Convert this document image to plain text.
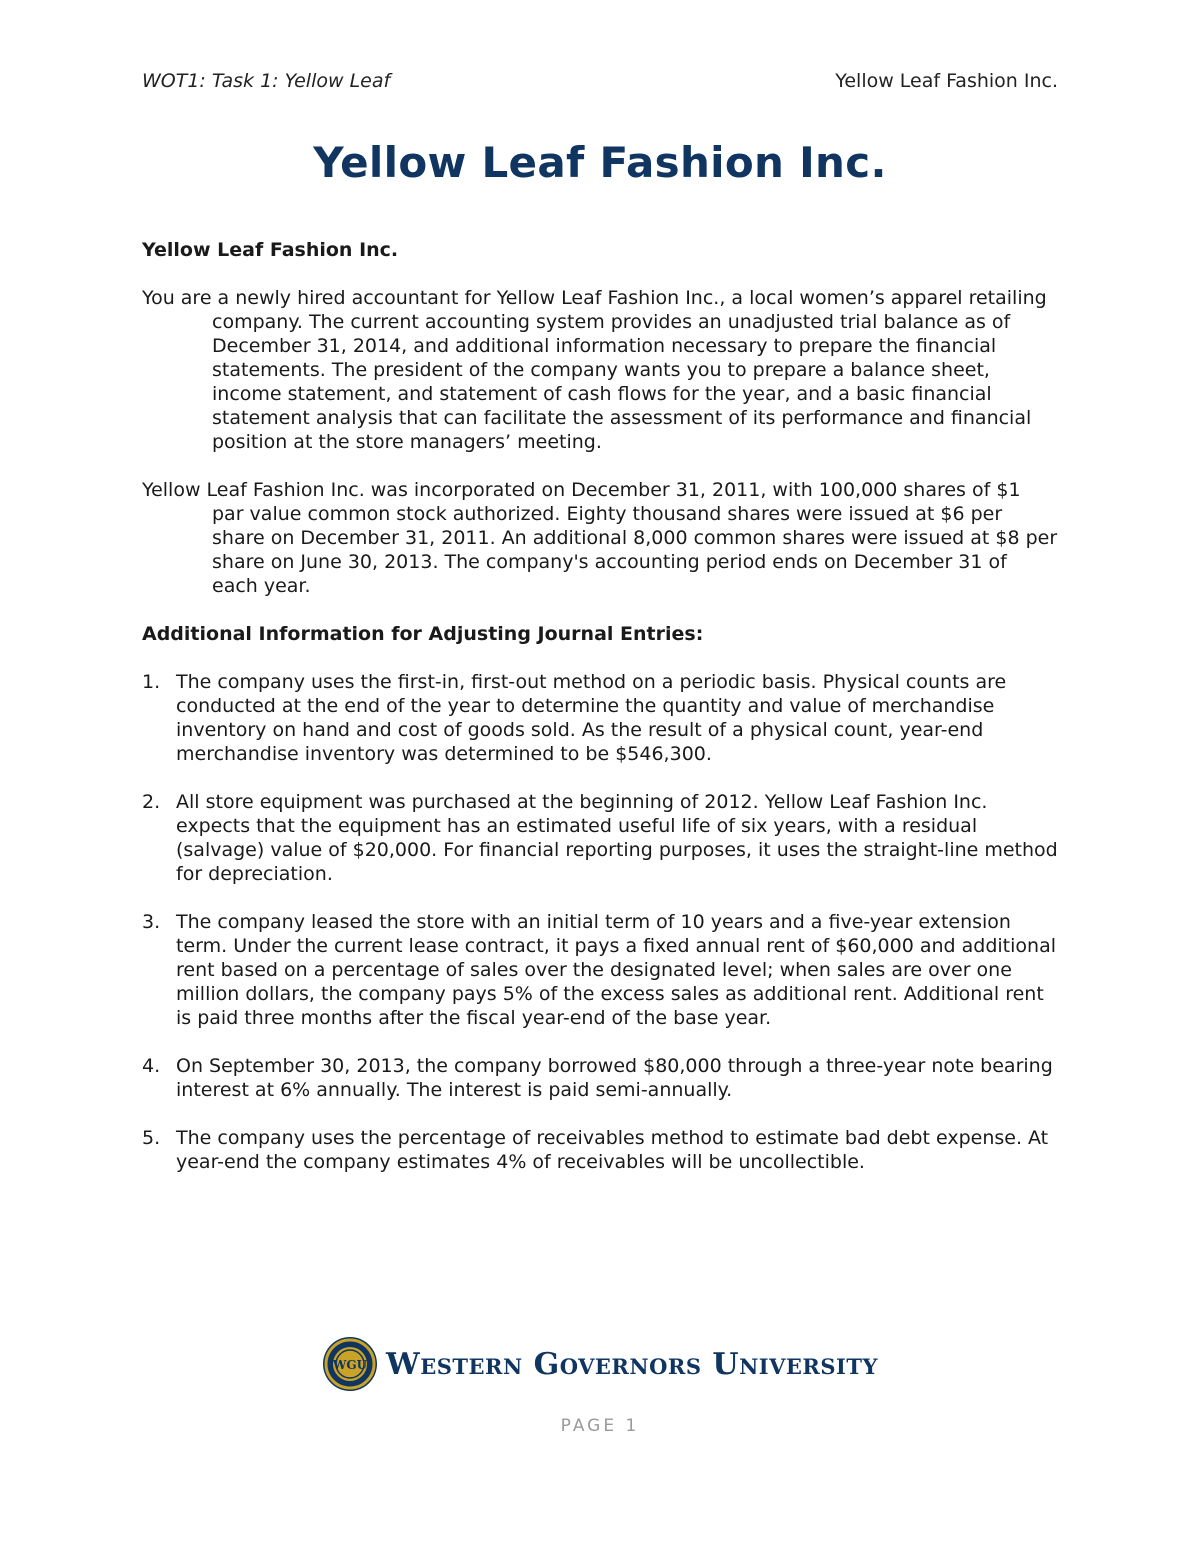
WOT1: Task 1: Yellow Leaf	Yellow Leaf Fashion Inc.
Yellow Leaf Fashion Inc.

Yellow Leaf Fashion Inc.

You are a newly hired accountant for Yellow Leaf Fashion Inc., a local women’s apparel retailing company. The current accounting system provides an unadjusted trial balance as of December 31, 2014, and additional information necessary to prepare the financial statements. The president of the company wants you to prepare a balance sheet, income statement, and statement of cash flows for the year, and a basic financial statement analysis that can facilitate the assessment of its performance and financial position at the store managers’ meeting.

Yellow Leaf Fashion Inc. was incorporated on December 31, 2011, with 100,000 shares of $1 par value common stock authorized. Eighty thousand shares were issued at $6 per share on December 31, 2011. An additional 8,000 common shares were issued at $8 per share on June 30, 2013. The company's accounting period ends on December 31 of each year.

Additional Information for Adjusting Journal Entries:

1. The company uses the first-in, first-out method on a periodic basis. Physical counts are conducted at the end of the year to determine the quantity and value of merchandise inventory on hand and cost of goods sold. As the result of a physical count, year-end merchandise inventory was determined to be $546,300.
2. All store equipment was purchased at the beginning of 2012. Yellow Leaf Fashion Inc. expects that the equipment has an estimated useful life of six years, with a residual (salvage) value of $20,000. For financial reporting purposes, it uses the straight-line method for depreciation.
3. The company leased the store with an initial term of 10 years and a five-year extension term. Under the current lease contract, it pays a fixed annual rent of $60,000 and additional rent based on a percentage of sales over the designated level; when sales are over one million dollars, the company pays 5% of the excess sales as additional rent. Additional rent is paid three months after the fiscal year-end of the base year.
4. On September 30, 2013, the company borrowed $80,000 through a three-year note bearing interest at 6% annually. The interest is paid semi-annually.
5. The company uses the percentage of receivables method to estimate bad debt expense. At year-end the company estimates 4% of receivables will be uncollectible.
WGU Western Governors University
PAGE 1
